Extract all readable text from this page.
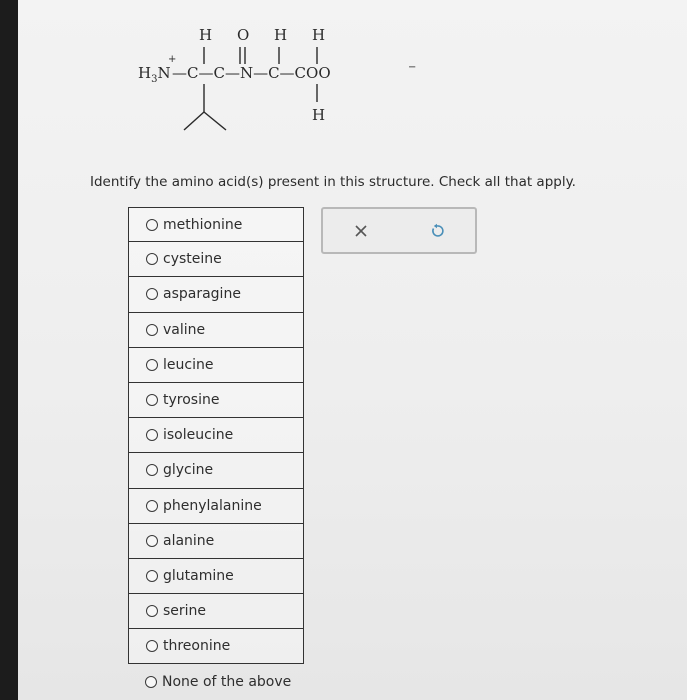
H O H H
$H_3N$
+
—C—C—N—C—COO	−
H
Identify the amino acid(s) present in this structure. Check all that apply.
methionine
cysteine
asparagine
valine
leucine
tyrosine
isoleucine
glycine
phenylalanine
alanine
glutamine
serine
threonine
None of the above
